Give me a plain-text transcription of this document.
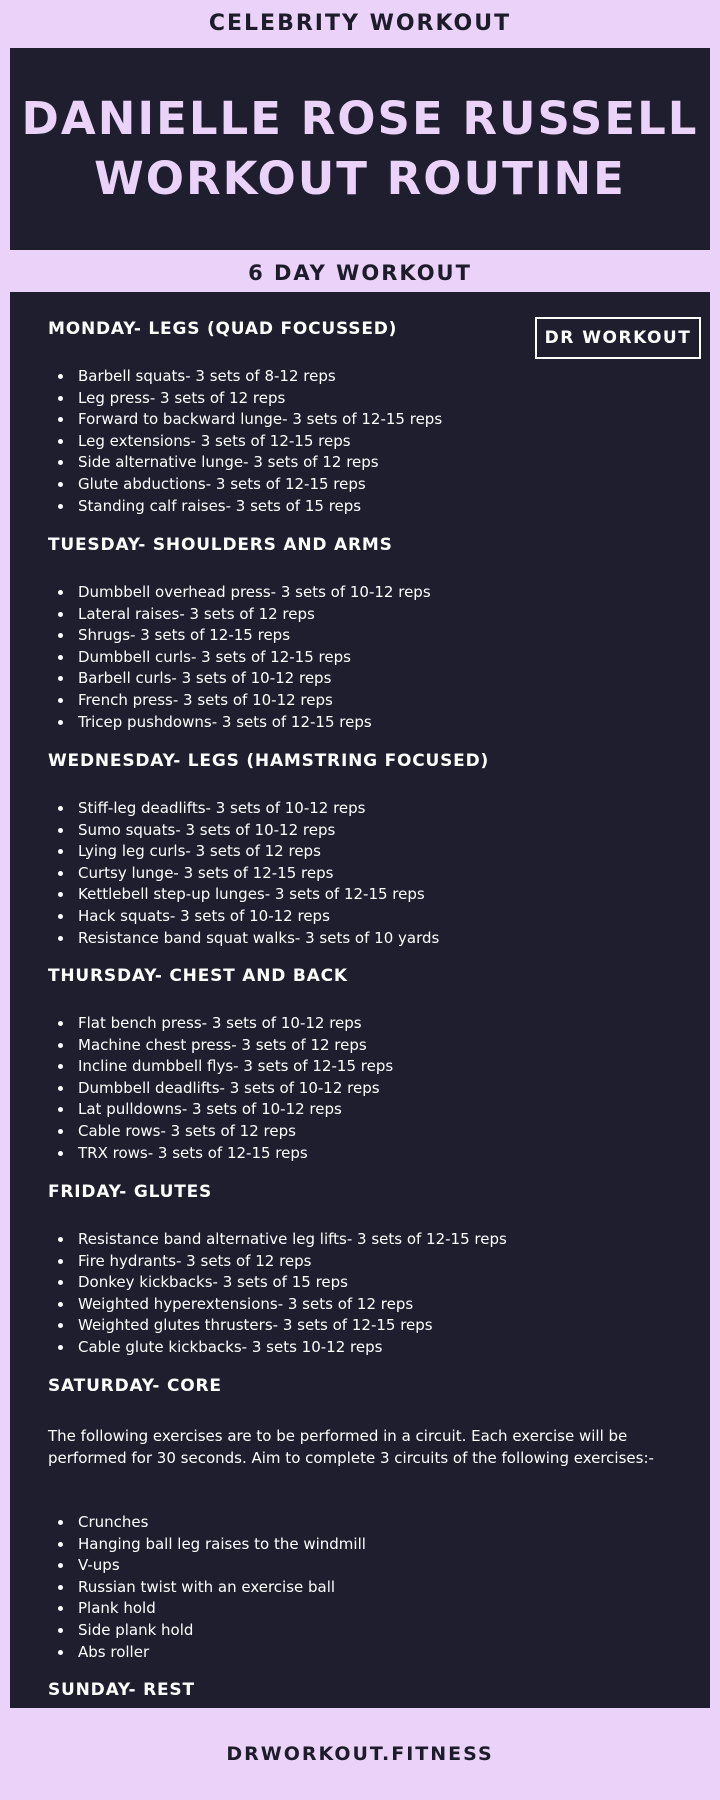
CELEBRITY WORKOUT
DANIELLE ROSE RUSSELL
WORKOUT ROUTINE
6 DAY WORKOUT
DR WORKOUT
MONDAY- LEGS (QUAD FOCUSSED)
Barbell squats- 3 sets of 8-12 reps
Leg press- 3 sets of 12 reps
Forward to backward lunge- 3 sets of 12-15 reps
Leg extensions- 3 sets of 12-15 reps
Side alternative lunge- 3 sets of 12 reps
Glute abductions- 3 sets of 12-15 reps
Standing calf raises- 3 sets of 15 reps
TUESDAY- SHOULDERS AND ARMS
Dumbbell overhead press- 3 sets of 10-12 reps
Lateral raises- 3 sets of 12 reps
Shrugs- 3 sets of 12-15 reps
Dumbbell curls- 3 sets of 12-15 reps
Barbell curls- 3 sets of 10-12 reps
French press- 3 sets of 10-12 reps
Tricep pushdowns- 3 sets of 12-15 reps
WEDNESDAY- LEGS (HAMSTRING FOCUSED)
Stiff-leg deadlifts- 3 sets of 10-12 reps
Sumo squats- 3 sets of 10-12 reps
Lying leg curls- 3 sets of 12 reps
Curtsy lunge- 3 sets of 12-15 reps
Kettlebell step-up lunges- 3 sets of 12-15 reps
Hack squats- 3 sets of 10-12 reps
Resistance band squat walks- 3 sets of 10 yards
THURSDAY- CHEST AND BACK
Flat bench press- 3 sets of 10-12 reps
Machine chest press- 3 sets of 12 reps
Incline dumbbell flys- 3 sets of 12-15 reps
Dumbbell deadlifts- 3 sets of 10-12 reps
Lat pulldowns- 3 sets of 10-12 reps
Cable rows- 3 sets of 12 reps
TRX rows- 3 sets of 12-15 reps
FRIDAY- GLUTES
Resistance band alternative leg lifts- 3 sets of 12-15 reps
Fire hydrants- 3 sets of 12 reps
Donkey kickbacks- 3 sets of 15 reps
Weighted hyperextensions- 3 sets of 12 reps
Weighted glutes thrusters- 3 sets of 12-15 reps
Cable glute kickbacks- 3 sets 10-12 reps
SATURDAY- CORE

The following exercises are to be performed in a circuit. Each exercise will be performed for 30 seconds. Aim to complete 3 circuits of the following exercises:-

Crunches
Hanging ball leg raises to the windmill
V-ups
Russian twist with an exercise ball
Plank hold
Side plank hold
Abs roller
SUNDAY- REST
DRWORKOUT.FITNESS
